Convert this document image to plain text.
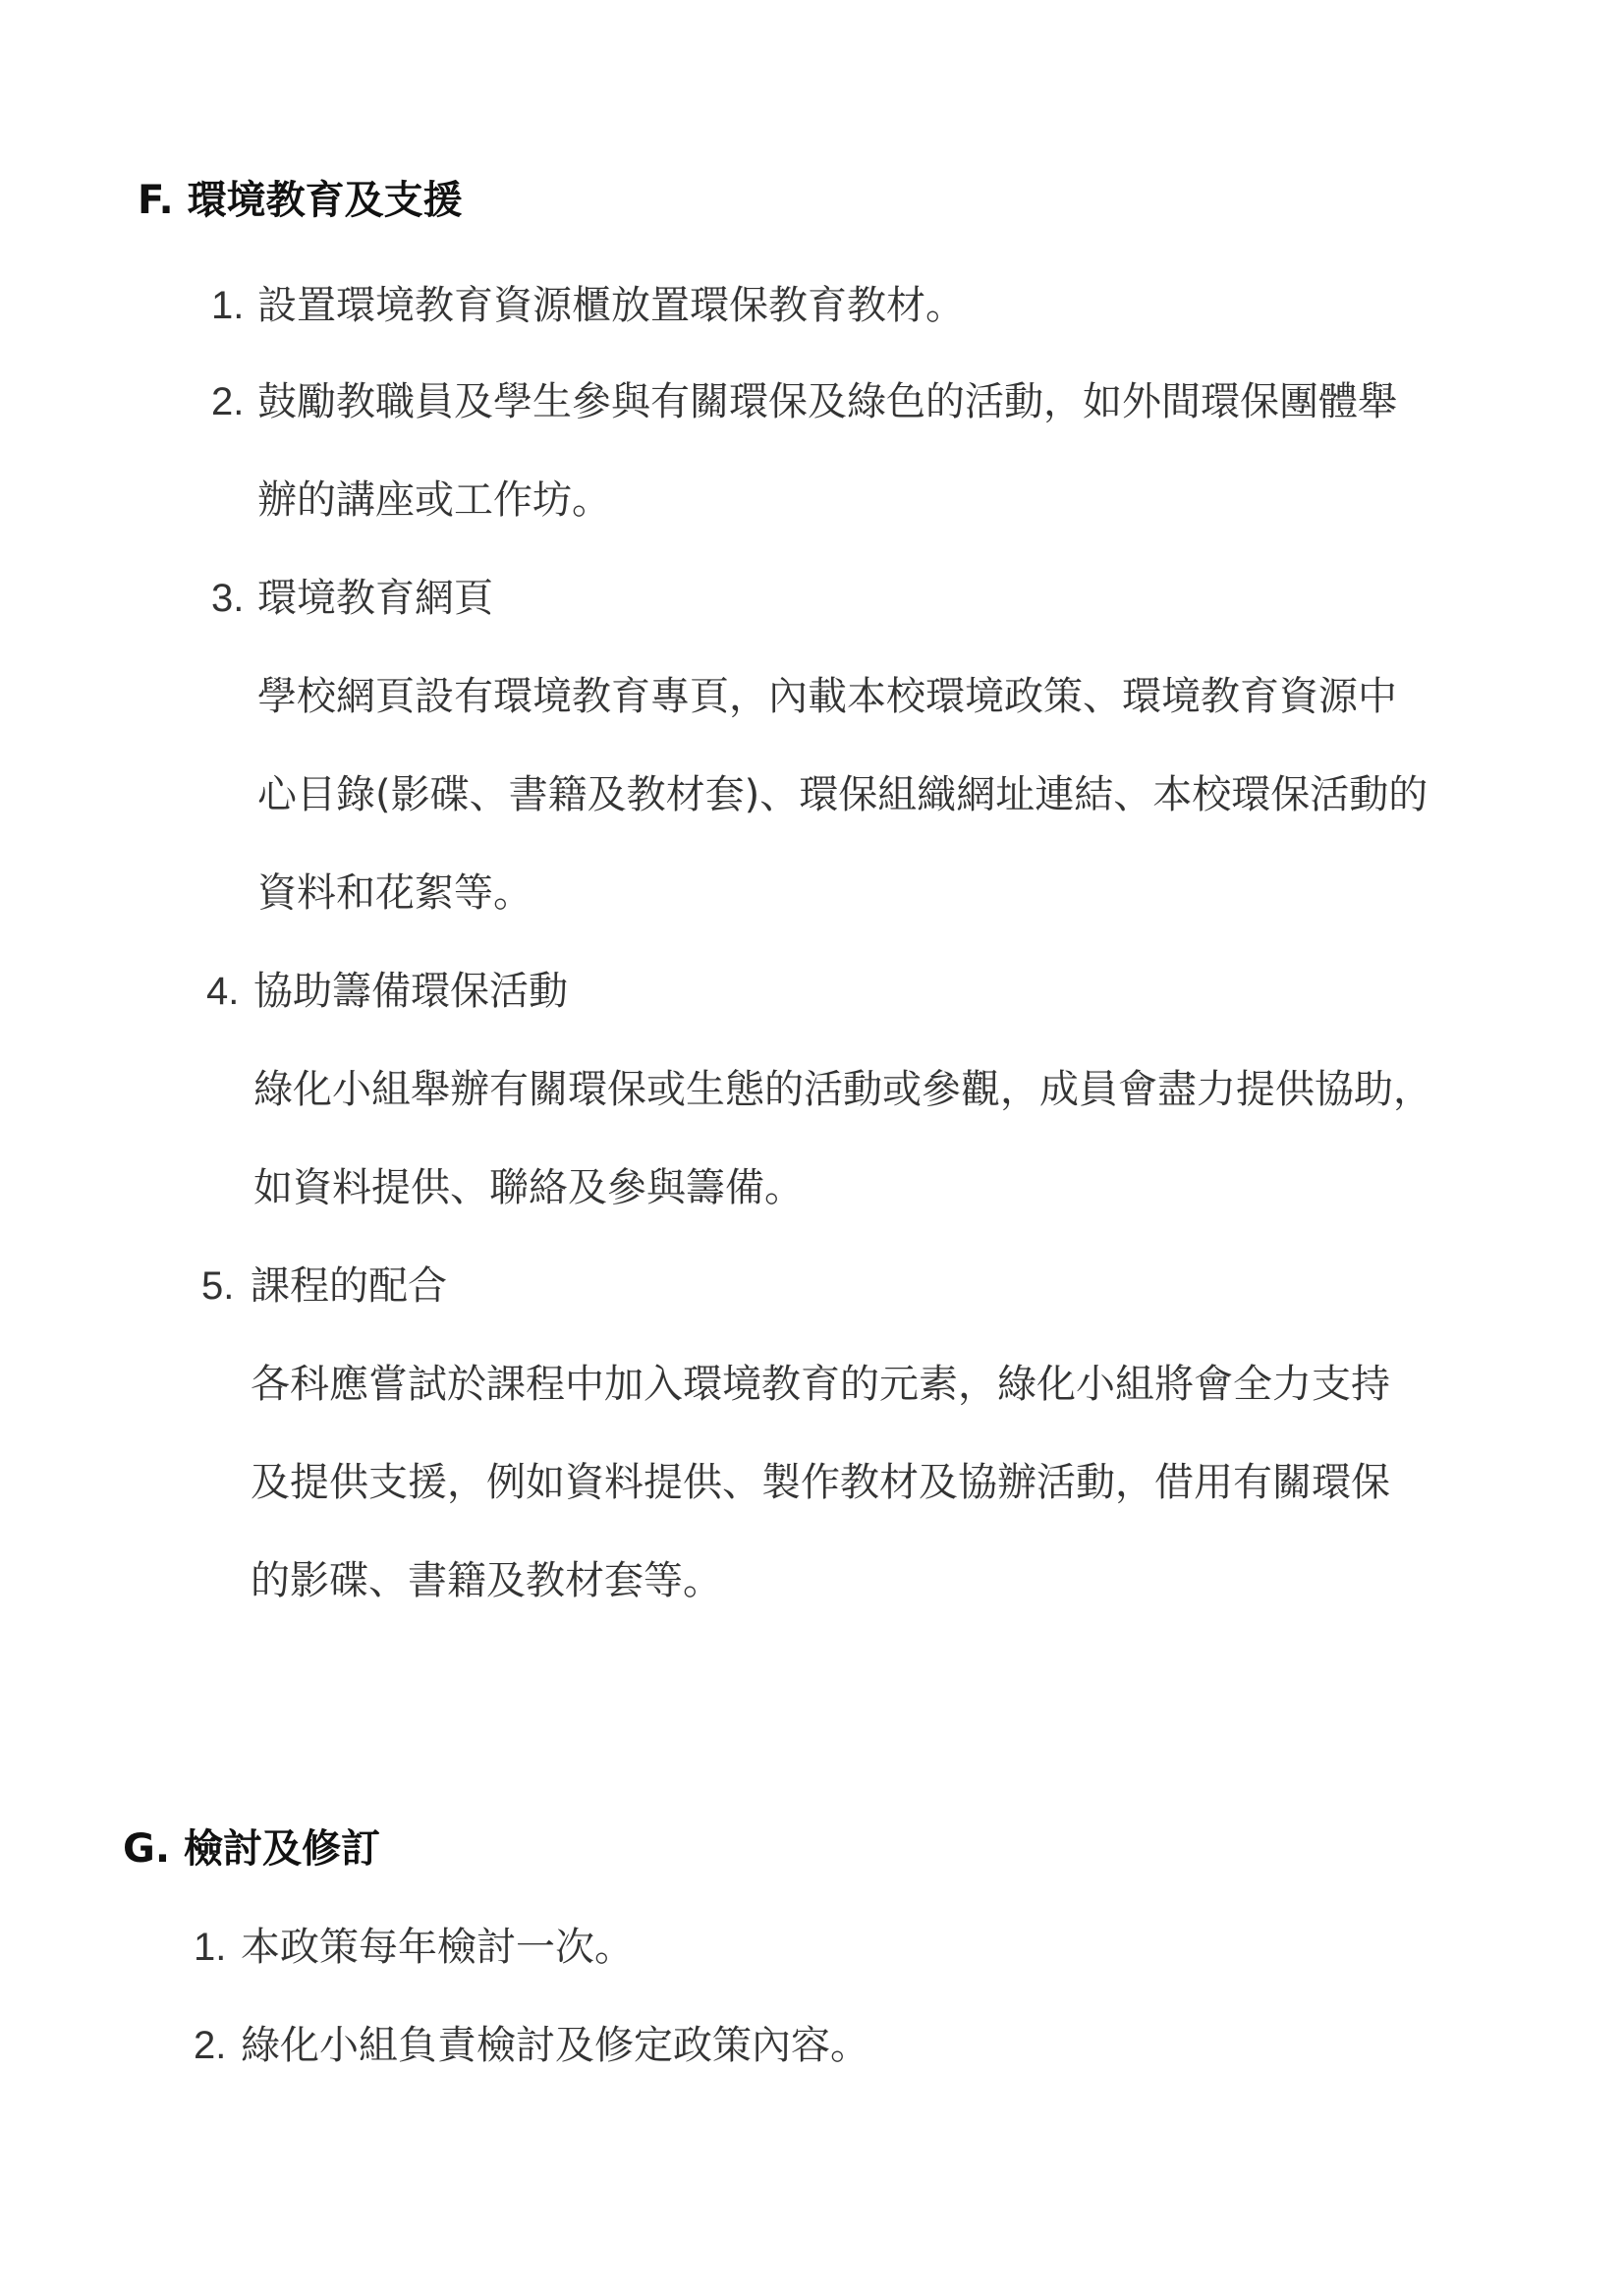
F. 環境教育及支援
1. 設置環境教育資源櫃放置環保教育教材。
2. 鼓勵教職員及學生參與有關環保及綠色的活動，如外間環保團體舉
辦的講座或工作坊。
3. 環境教育網頁
學校網頁設有環境教育專頁，內載本校環境政策、環境教育資源中
心目錄(影碟、書籍及教材套)、環保組織網址連結、本校環保活動的
資料和花絮等。
4. 協助籌備環保活動
綠化小組舉辦有關環保或生態的活動或參觀，成員會盡力提供協助，
如資料提供、聯絡及參與籌備。
5. 課程的配合
各科應嘗試於課程中加入環境教育的元素，綠化小組將會全力支持
及提供支援，例如資料提供、製作教材及協辦活動，借用有關環保
的影碟、書籍及教材套等。
G. 檢討及修訂
1. 本政策每年檢討一次。
2. 綠化小組負責檢討及修定政策內容。
